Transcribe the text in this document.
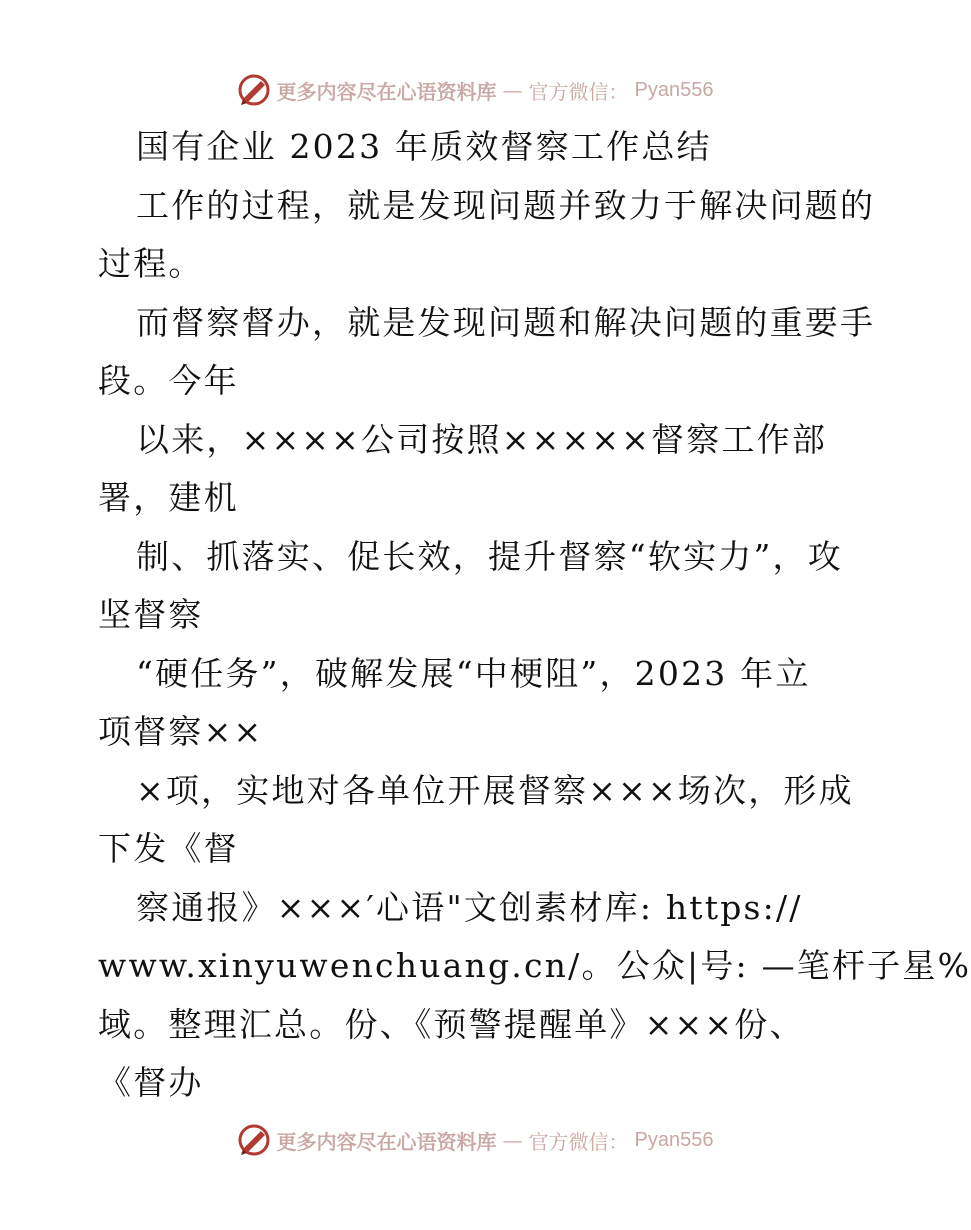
更多内容尽在心语资料库 — 官方微信： Pyan556
国有企业 2023 年质效督察工作总结
工作的过程，就是发现问题并致力于解决问题的
过程。
而督察督办，就是发现问题和解决问题的重要手
段。今年
以来，××××公司按照×××××督察工作部
署，建机
制、抓落实、促长效，提升督察“软实力”，攻
坚督察
“硬任务”，破解发展“中梗阻”，2023 年立
项督察××
×项，实地对各单位开展督察×××场次，形成
下发《督
察通报》×××′心语"文创素材库: https://
www.xinyuwenchuang.cn/。公众|号: —笔杆子星%
域。整理汇总。份、《预警提醒单》×××份、
《督办
更多内容尽在心语资料库 — 官方微信： Pyan556
